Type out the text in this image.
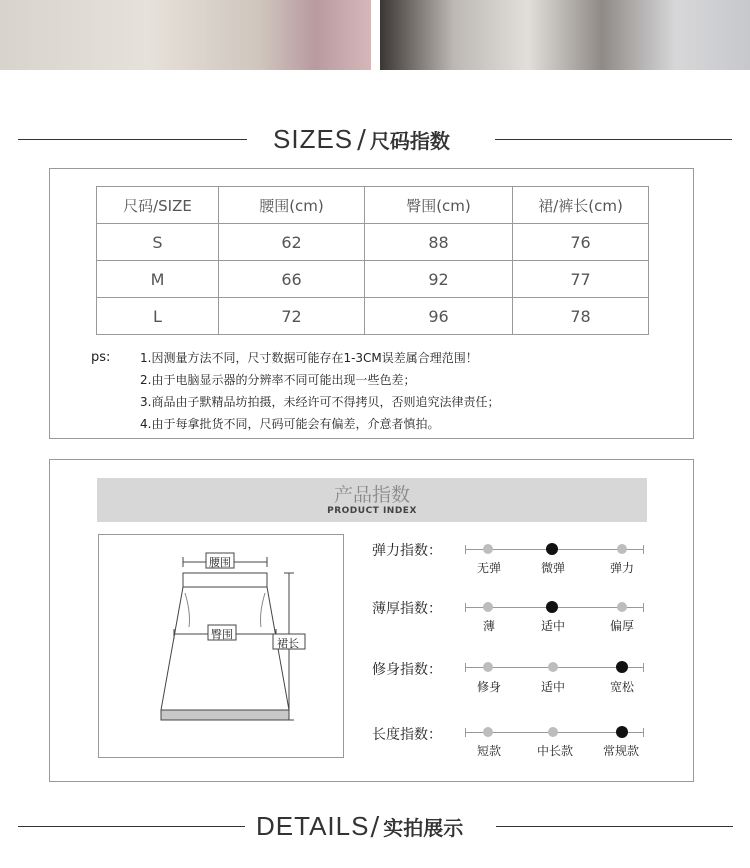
SIZES / 尺码指数
尺码/SIZE	腰围(cm)	臀围(cm)	裙/裤长(cm)
S	62	88	76
M	66	92	77
L	72	96	78
ps: 1.因测量方法不同，尺寸数据可能存在1-3CM误差属合理范围！
2.由于电脑显示器的分辨率不同可能出现一些色差；
3.商品由子默精品坊拍摄，未经许可不得拷贝，否则追究法律责任；
4.由于每拿批货不同，尺码可能会有偏差，介意者慎拍。
产品指数
PRODUCT INDEX
腰围
臀围
裙长
弹力指数：
无弹	微弹	弹力
薄厚指数：
薄	适中	偏厚
修身指数：
修身	适中	宽松
长度指数：
短款	中长款 常规款
DETAILS/ 实拍展示
